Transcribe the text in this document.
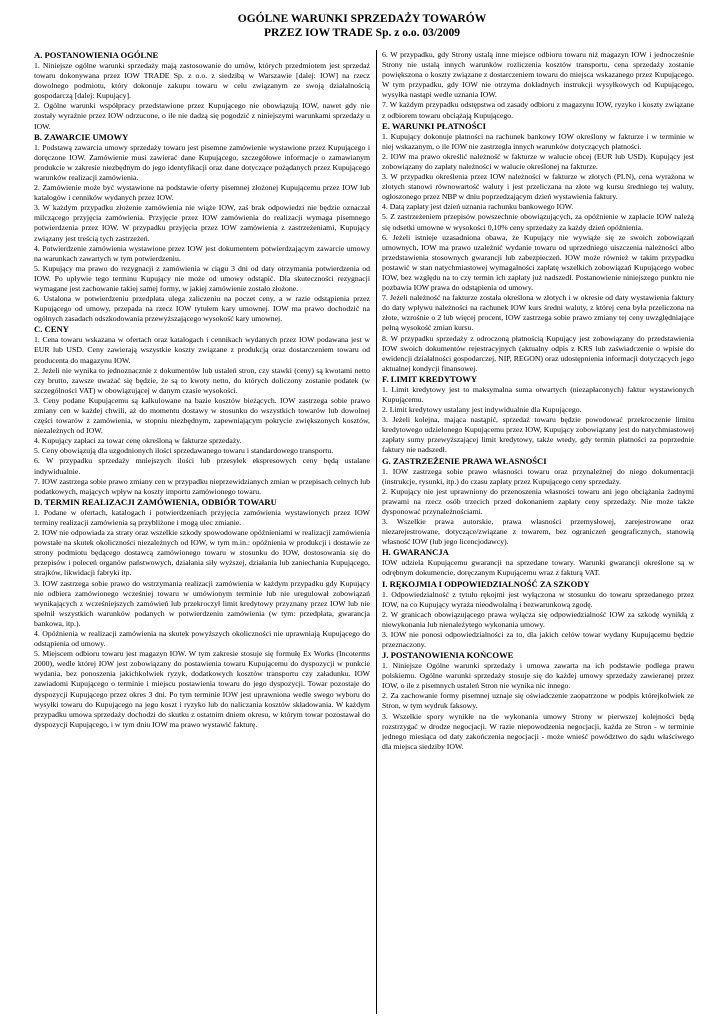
OGÓLNE WARUNKI SPRZEDAŻY TOWARÓW
PRZEZ IOW TRADE Sp. z o.o. 03/2009
A. POSTANOWIENIA OGÓLNE
1. Niniejsze ogólne warunki sprzedaży mają zastosowanie do umów, których przedmiotem jest sprzedaż towaru dokonywana przez IOW TRADE Sp. z o.o. z siedzibą w Warszawie [dalej: IOW] na rzecz dowolnego podmiotu, który dokonuje zakupu towaru w celu związanym ze swoją działalnością gospodarczą [dalej: Kupujący].
2. Ogólne warunki współpracy przedstawione przez Kupującego nie obowiązują IOW, nawet gdy nie zostały wyraźnie przez IOW odrzucone, o ile nie dadzą się pogodzić z niniejszymi warunkami sprzedaży u IOW.
B. ZAWARCIE UMOWY
1. Podstawą zawarcia umowy sprzedaży towaru jest pisemne zamówienie wystawione przez Kupującego i doręczone IOW. Zamówienie musi zawierać dane Kupującego, szczegółowe informacje o zamawianym produkcie w zakresie niezbędnym do jego identyfikacji oraz dane dotyczące pożądanych przez Kupującego warunków realizacji zamówienia.
2. Zamówienie może być wystawione na podstawie oferty pisemnej złożonej Kupującemu przez IOW lub katalogów i cenników wydanych przez IOW.
3. W każdym przypadku złożenie zamówienia nie wiąże IOW, zaś brak odpowiedzi nie będzie oznaczał milczącego przyjęcia zamówienia. Przyjęcie przez IOW zamówienia do realizacji wymaga pisemnego potwierdzenia przez IOW. W przypadku przyjęcia przez IOW zamówienia z zastrzeżeniami, Kupujący związany jest treścią tych zastrzeżeń.
4. Potwierdzenie zamówienia wystawione przez IOW jest dokumentem potwierdzającym zawarcie umowy na warunkach zawartych w tym potwierdzeniu.
5. Kupujący ma prawo do rezygnacji z zamówienia w ciągu 3 dni od daty otrzymania potwierdzenia od IOW. Po upływie tego terminu Kupujący nie może od umowy odstąpić. Dla skuteczności rezygnacji wymagane jest zachowanie takiej samej formy, w jakiej zamówienie zostało złożone.
6. Ustalona w potwierdzeniu przedpłata ulega zaliczeniu na poczet ceny, a w razie odstąpienia przez Kupującego od umowy, przepada na rzecz IOW tytułem kary umownej. IOW ma prawo dochodzić na ogólnych zasadach odszkodowania przewyższającego wysokość kary umownej.
C. CENY
1. Cena towaru wskazana w ofertach oraz katalogach i cennikach wydanych przez IOW podawana jest w EUR lub USD. Ceny zawierają wszystkie koszty związane z produkcją oraz dostarczeniem towaru od producenta do magazynu IOW.
2. Jeżeli nie wynika to jednoznacznie z dokumentów lub ustaleń stron, czy stawki (ceny) są kwotami netto czy brutto, zawsze uważać się będzie, że są to kwoty netto, do których doliczony zostanie podatek (w szczególności VAT) w obowiązującej w danym czasie wysokości.
3. Ceny podane Kupującemu są kalkulowane na bazie kosztów bieżących. IOW zastrzega sobie prawo zmiany cen w każdej chwili, aż do momentu dostawy w stosunku do wszystkich towarów lub dowolnej części towarów z zamówienia, w stopniu niezbędnym, zapewniającym pokrycie zwiększonych kosztów, niezależnych od IOW.
4. Kupujący zapłaci za towar cenę określoną w fakturze sprzedaży.
5. Ceny obowiązują dla uzgodnionych ilości sprzedawanego towaru i standardowego transportu.
6. W przypadku sprzedaży mniejszych ilości lub przesyłek ekspresowych ceny będą ustalane indywidualnie.
7. IOW zastrzega sobie prawo zmiany cen w przypadku nieprzewidzianych zmian w przepisach celnych lub podatkowych, mających wpływ na koszty importu zamówionego towaru.
D. TERMIN REALIZACJI ZAMÓWIENIA, ODBIÓR TOWARU
1. Podane w ofertach, katalogach i potwierdzeniach przyjęcia zamówienia wystawionych przez IOW terminy realizacji zamówienia są przybliżone i mogą ulec zmianie.
2. IOW nie odpowiada za straty oraz wszelkie szkody spowodowane opóźnieniami w realizacji zamówienia powstałe na skutek okoliczności niezależnych od IOW, w tym m.in.: opóźnienia w produkcji i dostawie ze strony podmiotu będącego dostawcą zamówionego towaru w stosunku do IOW, dostosowania się do przepisów i poleceń organów państwowych, działania siły wyższej, działania lub zaniechania Kupującego, strajków, likwidacji fabryki itp.
3. IOW zastrzega sobie prawo do wstrzymania realizacji zamówienia w każdym przypadku gdy Kupujący nie odbiera zamówionego wcześniej towaru w umówionym terminie lub nie uregulował zobowiązań wynikających z wcześniejszych zamówień lub przekroczył limit kredytowy przyznany przez IOW lub nie spełnił wszystkich warunków podanych w potwierdzeniu zamówienia (w tym: przedpłata, gwarancja bankowa, itp.).
4. Opóźnienia w realizacji zamówienia na skutek powyższych okoliczności nie uprawniają Kupującego do odstąpienia od umowy.
5. Miejscem odbioru towaru jest magazyn IOW. W tym zakresie stosuje się formułę Ex Works (Incoterms 2000), wedle której IOW jest zobowiązany do postawienia towaru Kupującemu do dyspozycji w punkcie wydania, bez ponoszenia jakichkolwiek ryzyk, dodatkowych kosztów transportu czy załadunku. IOW zawiadomi Kupującego o terminie i miejscu postawienia towaru do jego dyspozycji. Towar pozostaje do dyspozycji Kupującego przez okres 3 dni. Po tym terminie IOW jest uprawniona wedle swego wyboru do wysyłki towaru do Kupującego na jego koszt i ryzyko lub do naliczania kosztów składowania. W każdym przypadku umowa sprzedaży dochodzi do skutku z ostatnim dniem okresu, w którym towar pozostawał do dyspozycji Kupującego, i w tym dniu IOW ma prawo wystawić fakturę.
6. W przypadku, gdy Strony ustalą inne miejsce odbioru towaru niż magazyn IOW i jednocześnie Strony nie ustalą innych warunków rozliczenia kosztów transportu, cena sprzedaży zostanie powiększona o koszty związane z dostarczeniem towaru do miejsca wskazanego przez Kupującego. W tym przypadku, gdy IOW nie otrzyma dokładnych instrukcji wysyłkowych od Kupującego, wysyłka nastąpi wedle uznania IOW.
7. W każdym przypadku odstępstwa od zasady odbioru z magazynu IOW, ryzyko i koszty związane z odbiorem towaru obciążają Kupującego.
E. WARUNKI PŁATNOŚCI
1. Kupujący dokonuje płatności na rachunek bankowy IOW określony w fakturze i w terminie w niej wskazanym, o ile IOW nie zastrzegła innych warunków dotyczących płatności.
2. IOW ma prawo określić należność w fakturze w walucie obcej (EUR lub USD). Kupujący jest zobowiązany do zapłaty należności w walucie określonej na fakturze.
3. W przypadku określenia przez IOW należności w fakturze w złotych (PLN), cena wyrażona w złotych stanowi równowartość waluty i jest przeliczana na złote wg kursu średniego tej waluty, ogłoszonego przez NBP w dniu poprzedzającym dzień wystawienia faktury.
4. Datą zapłaty jest dzień uznania rachunku bankowego IOW.
5. Z zastrzeżeniem przepisów powszechnie obowiązujących, za opóźnienie w zapłacie IOW należą się odsetki umowne w wysokości 0,10% ceny sprzedaży za każdy dzień opóźnienia.
6. Jeżeli istnieje uzasadniona obawa, że Kupujący nie wywiąże się ze swoich zobowiązań umownych, IOW ma prawo uzależnić wydanie towaru od uprzedniego uiszczenia należności albo przedstawienia stosownych gwarancji lub zabezpieczeń. IOW może również w takim przypadku postawić w stan natychmiastowej wymagalności zapłatę wszelkich zobowiązań Kupującego wobec IOW, bez względu na to czy termin ich zapłaty już nadszedł. Postanowienie niniejszego punktu nie pozbawia IOW prawa do odstąpienia od umowy.
7. Jeżeli należność na fakturze została określona w złotych i w okresie od daty wystawienia faktury do daty wpływu należności na rachunek IOW kurs średni waluty, z której cena była przeliczona na złote, wzrośnie o 2 lub więcej procent, IOW zastrzega sobie prawo zmiany tej ceny uwzględniające pełną wysokość zmian kursu.
8. W przypadku sprzedaży z odroczoną płatnością Kupujący jest zobowiązany do przedstawienia IOW swoich dokumentów rejestracyjnych (aktualny odpis z KRS lub zaświadczenie o wpisie do ewidencji działalności gospodarczej, NIP, REGON) oraz udostępnienia informacji dotyczących jego aktualnej kondycji finansowej.
F. LIMIT KREDYTOWY
1. Limit kredytowy jest to maksymalna suma otwartych (niezapłaconych) faktur wystawionych Kupującemu.
2. Limit kredytowy ustalany jest indywidualnie dla Kupującego.
3. Jeżeli kolejna, mająca nastąpić, sprzedaż towaru będzie powodować przekroczenie limitu kredytowego udzielonego Kupującemu przez IOW, Kupujący zobowiązany jest do natychmiastowej zapłaty sumy przewyższającej limit kredytowy, także wtedy, gdy termin płatności za poprzednie faktury nie nadszedł.
G. ZASTRZEŻENIE PRAWA WŁASNOŚCI
1. IOW zastrzega sobie prawo własności towaru oraz przynależnej do niego dokumentacji (instrukcje, rysunki, itp.) do czasu zapłaty przez Kupującego ceny sprzedaży.
2. Kupujący nie jest uprawniony do przenoszenia własności towaru ani jego obciążania żadnymi prawami na rzecz osób trzecich przed dokonaniem zapłaty ceny sprzedaży. Nie może także dysponować przynależnościami.
3. Wszelkie prawa autorskie, prawa własności przemysłowej, zarejestrowane oraz niezarejestrowane, dotyczące/związane z towarem, bez ograniczeń geograficznych, stanowią własność IOW (lub jego licencjodawcy).
H. GWARANCJA
IOW udziela Kupującemu gwarancji na sprzedane towary. Warunki gwarancji określone są w odrębnym dokumencie, doręczanym Kupującemu wraz z fakturą VAT.
I. RĘKOJMIA I ODPOWIEDZIALNOŚĆ ZA SZKODY
1. Odpowiedzialność z tytułu rękojmi jest wyłączona w stosunku do towaru sprzedanego przez IOW, na co Kupujący wyraża nieodwołalną i bezwarunkową zgodę.
2. W granicach obowiązującego prawa wyłącza się odpowiedzialność IOW za szkodę wynikłą z niewykonania lub nienależytego wykonania umowy.
3. IOW nie ponosi odpowiedzialności za to, dla jakich celów towar wydany Kupującemu będzie przeznaczony.
J. POSTANOWIENIA KOŃCOWE
1. Niniejsze Ogólne warunki sprzedaży i umowa zawarta na ich podstawie podlega prawu polskiemu. Ogólne warunki sprzedaży stosuje się do każdej umowy sprzedaży zawieranej przez IOW, o ile z pisemnych ustaleń Stron nie wynika nic innego.
2. Za zachowanie formy pisemnej uznaje się oświadczenie zaopatrzone w podpis którejkolwiek ze Stron, w tym wydruk faksowy.
3. Wszelkie spory wynikłe na tle wykonania umowy Strony w pierwszej kolejności będą rozstrzygać w drodze negocjacji. W razie niepowodzenia negocjacji, każda ze Stron - w terminie jednego miesiąca od daty zakończenia negocjacji - może wnieść powództwo do sądu właściwego dla miejsca siedziby IOW.
